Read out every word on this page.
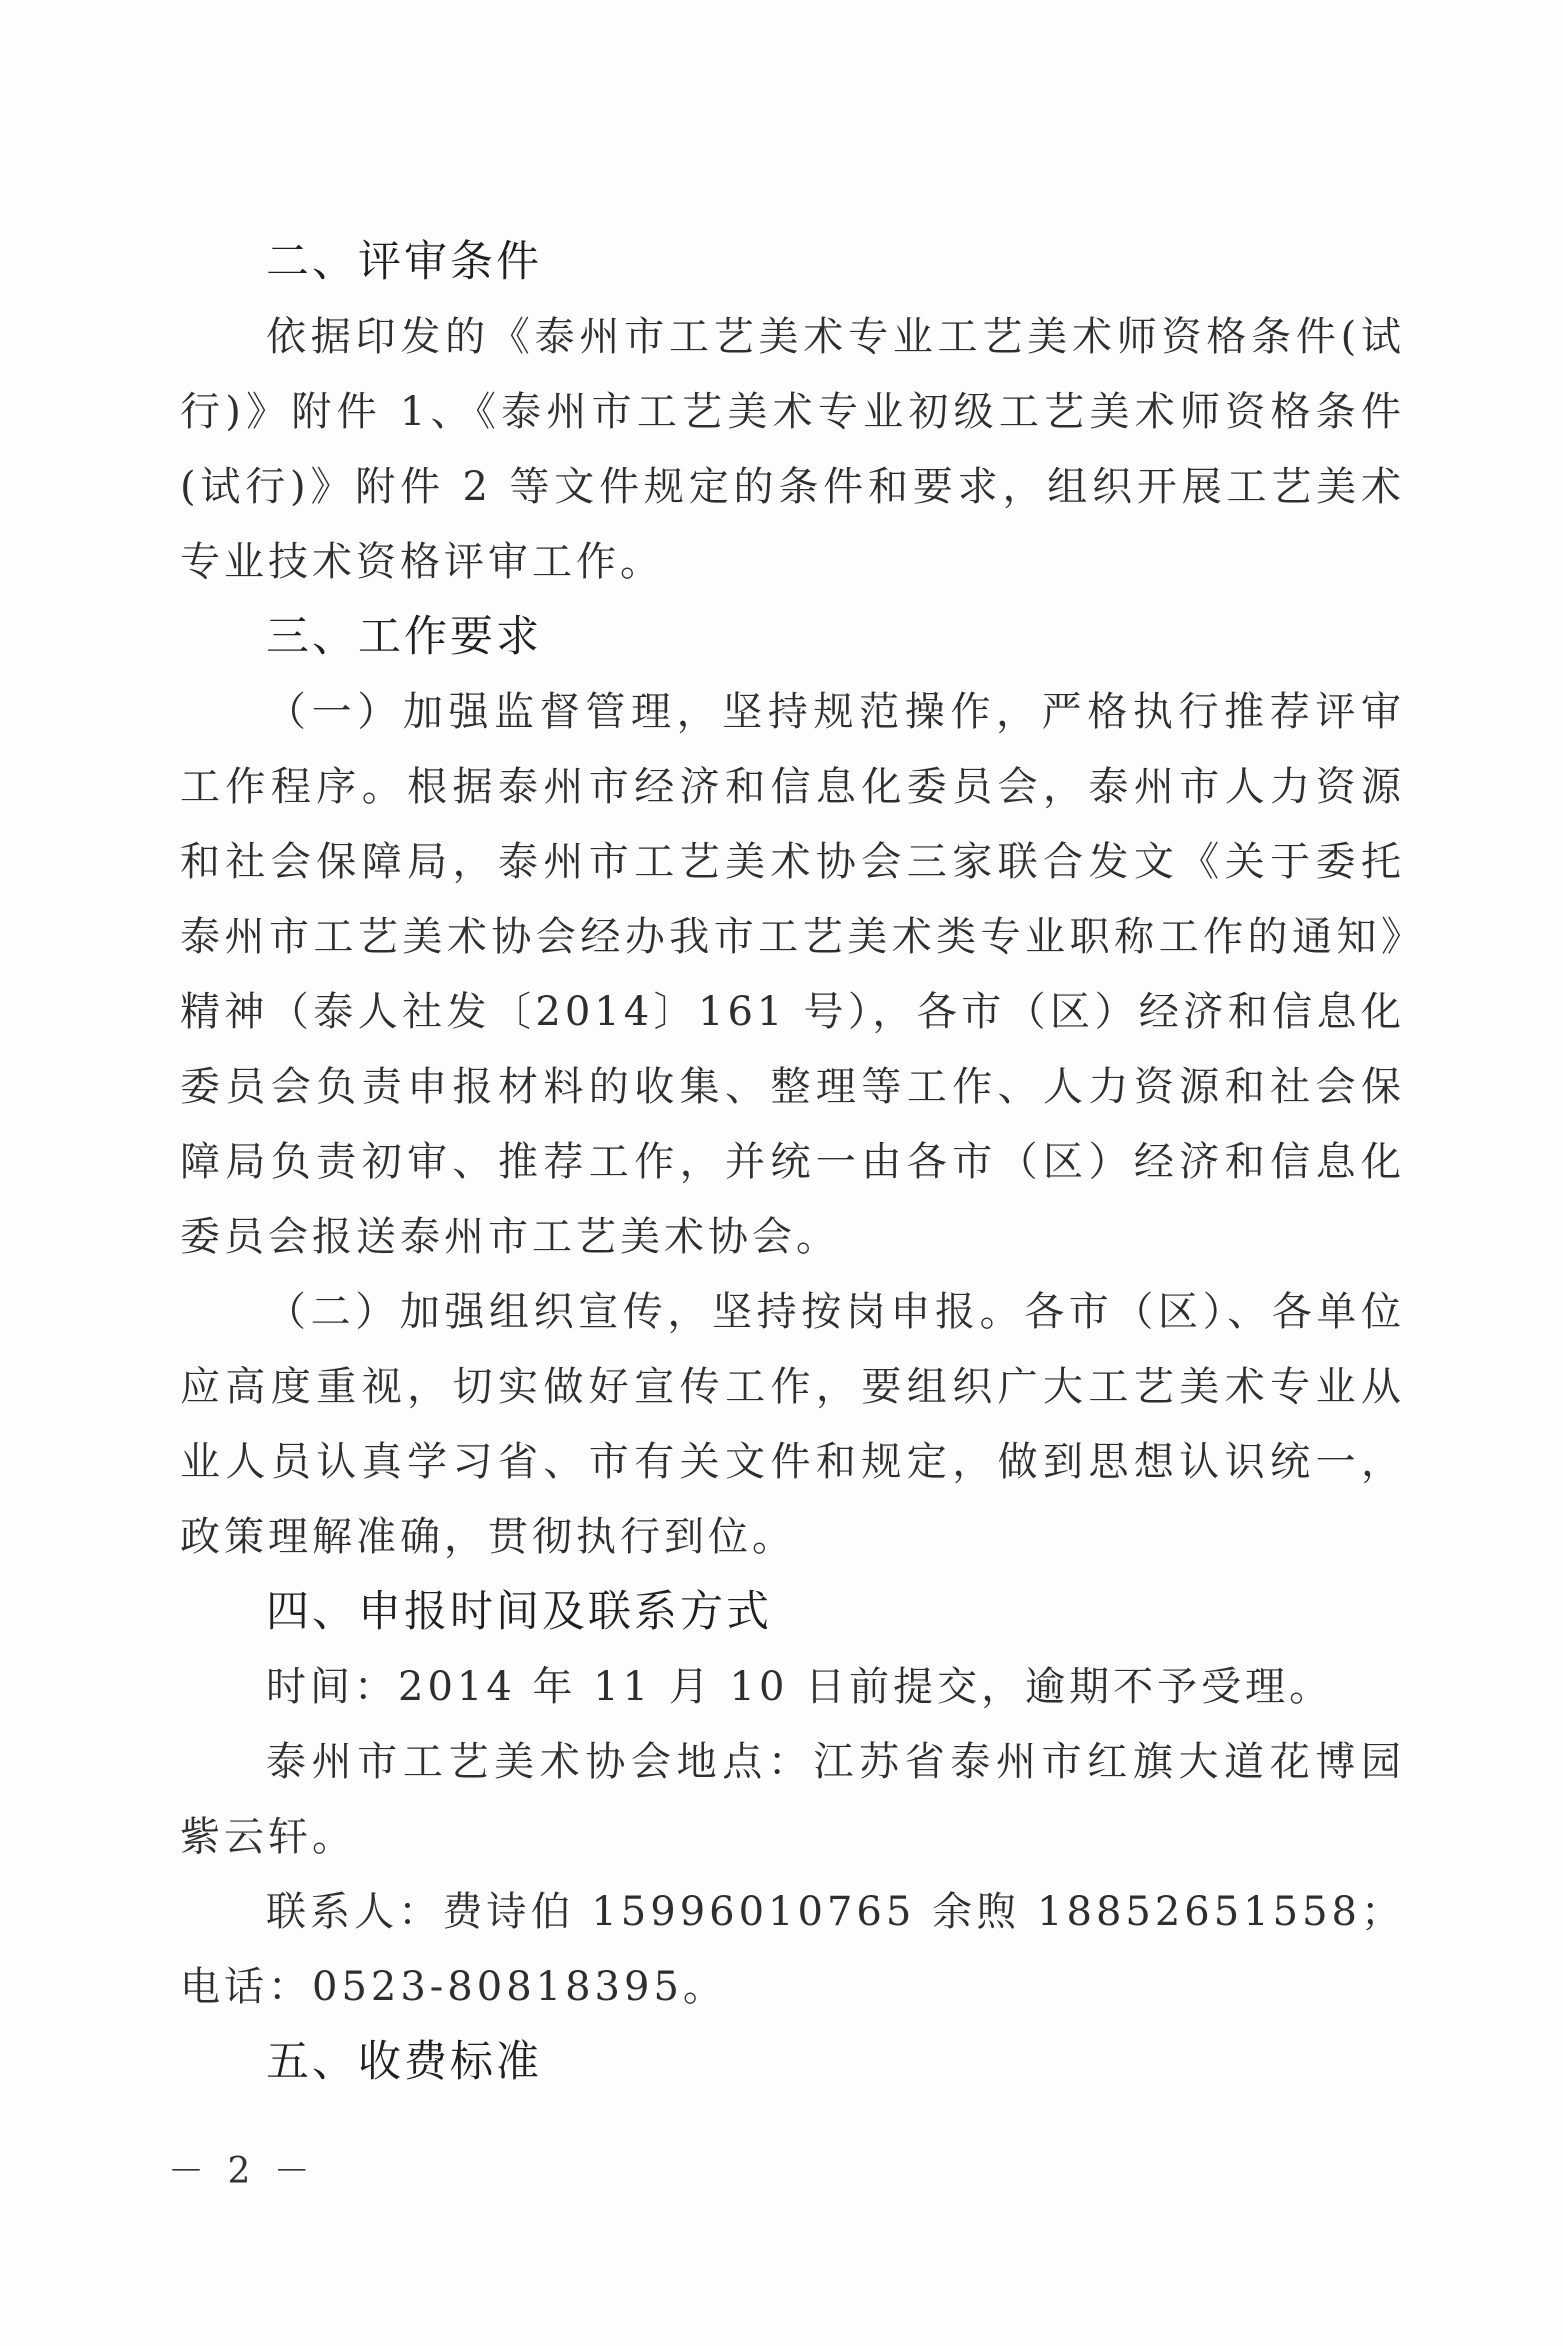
二、评审条件

依据印发的《泰州市工艺美术专业工艺美术师资格条件(试行)》附件 1、《泰州市工艺美术专业初级工艺美术师资格条件(试行)》附件 2 等文件规定的条件和要求，组织开展工艺美术专业技术资格评审工作。

三、工作要求

（一）加强监督管理，坚持规范操作，严格执行推荐评审工作程序。根据泰州市经济和信息化委员会，泰州市人力资源和社会保障局，泰州市工艺美术协会三家联合发文《关于委托泰州市工艺美术协会经办我市工艺美术类专业职称工作的通知》精神（泰人社发〔2014〕161 号），各市（区）经济和信息化委员会负责申报材料的收集、整理等工作、人力资源和社会保障局负责初审、推荐工作，并统一由各市（区）经济和信息化委员会报送泰州市工艺美术协会。

（二）加强组织宣传，坚持按岗申报。各市（区）、各单位应高度重视，切实做好宣传工作，要组织广大工艺美术专业从业人员认真学习省、市有关文件和规定，做到思想认识统一，政策理解准确，贯彻执行到位。

四、申报时间及联系方式

时间：2014 年 11 月 10 日前提交，逾期不予受理。

泰州市工艺美术协会地点：江苏省泰州市红旗大道花博园紫云轩。

联系人：费诗伯 15996010765 余煦 18852651558；电话：0523-80818395。

五、收费标准

－ 2 －
